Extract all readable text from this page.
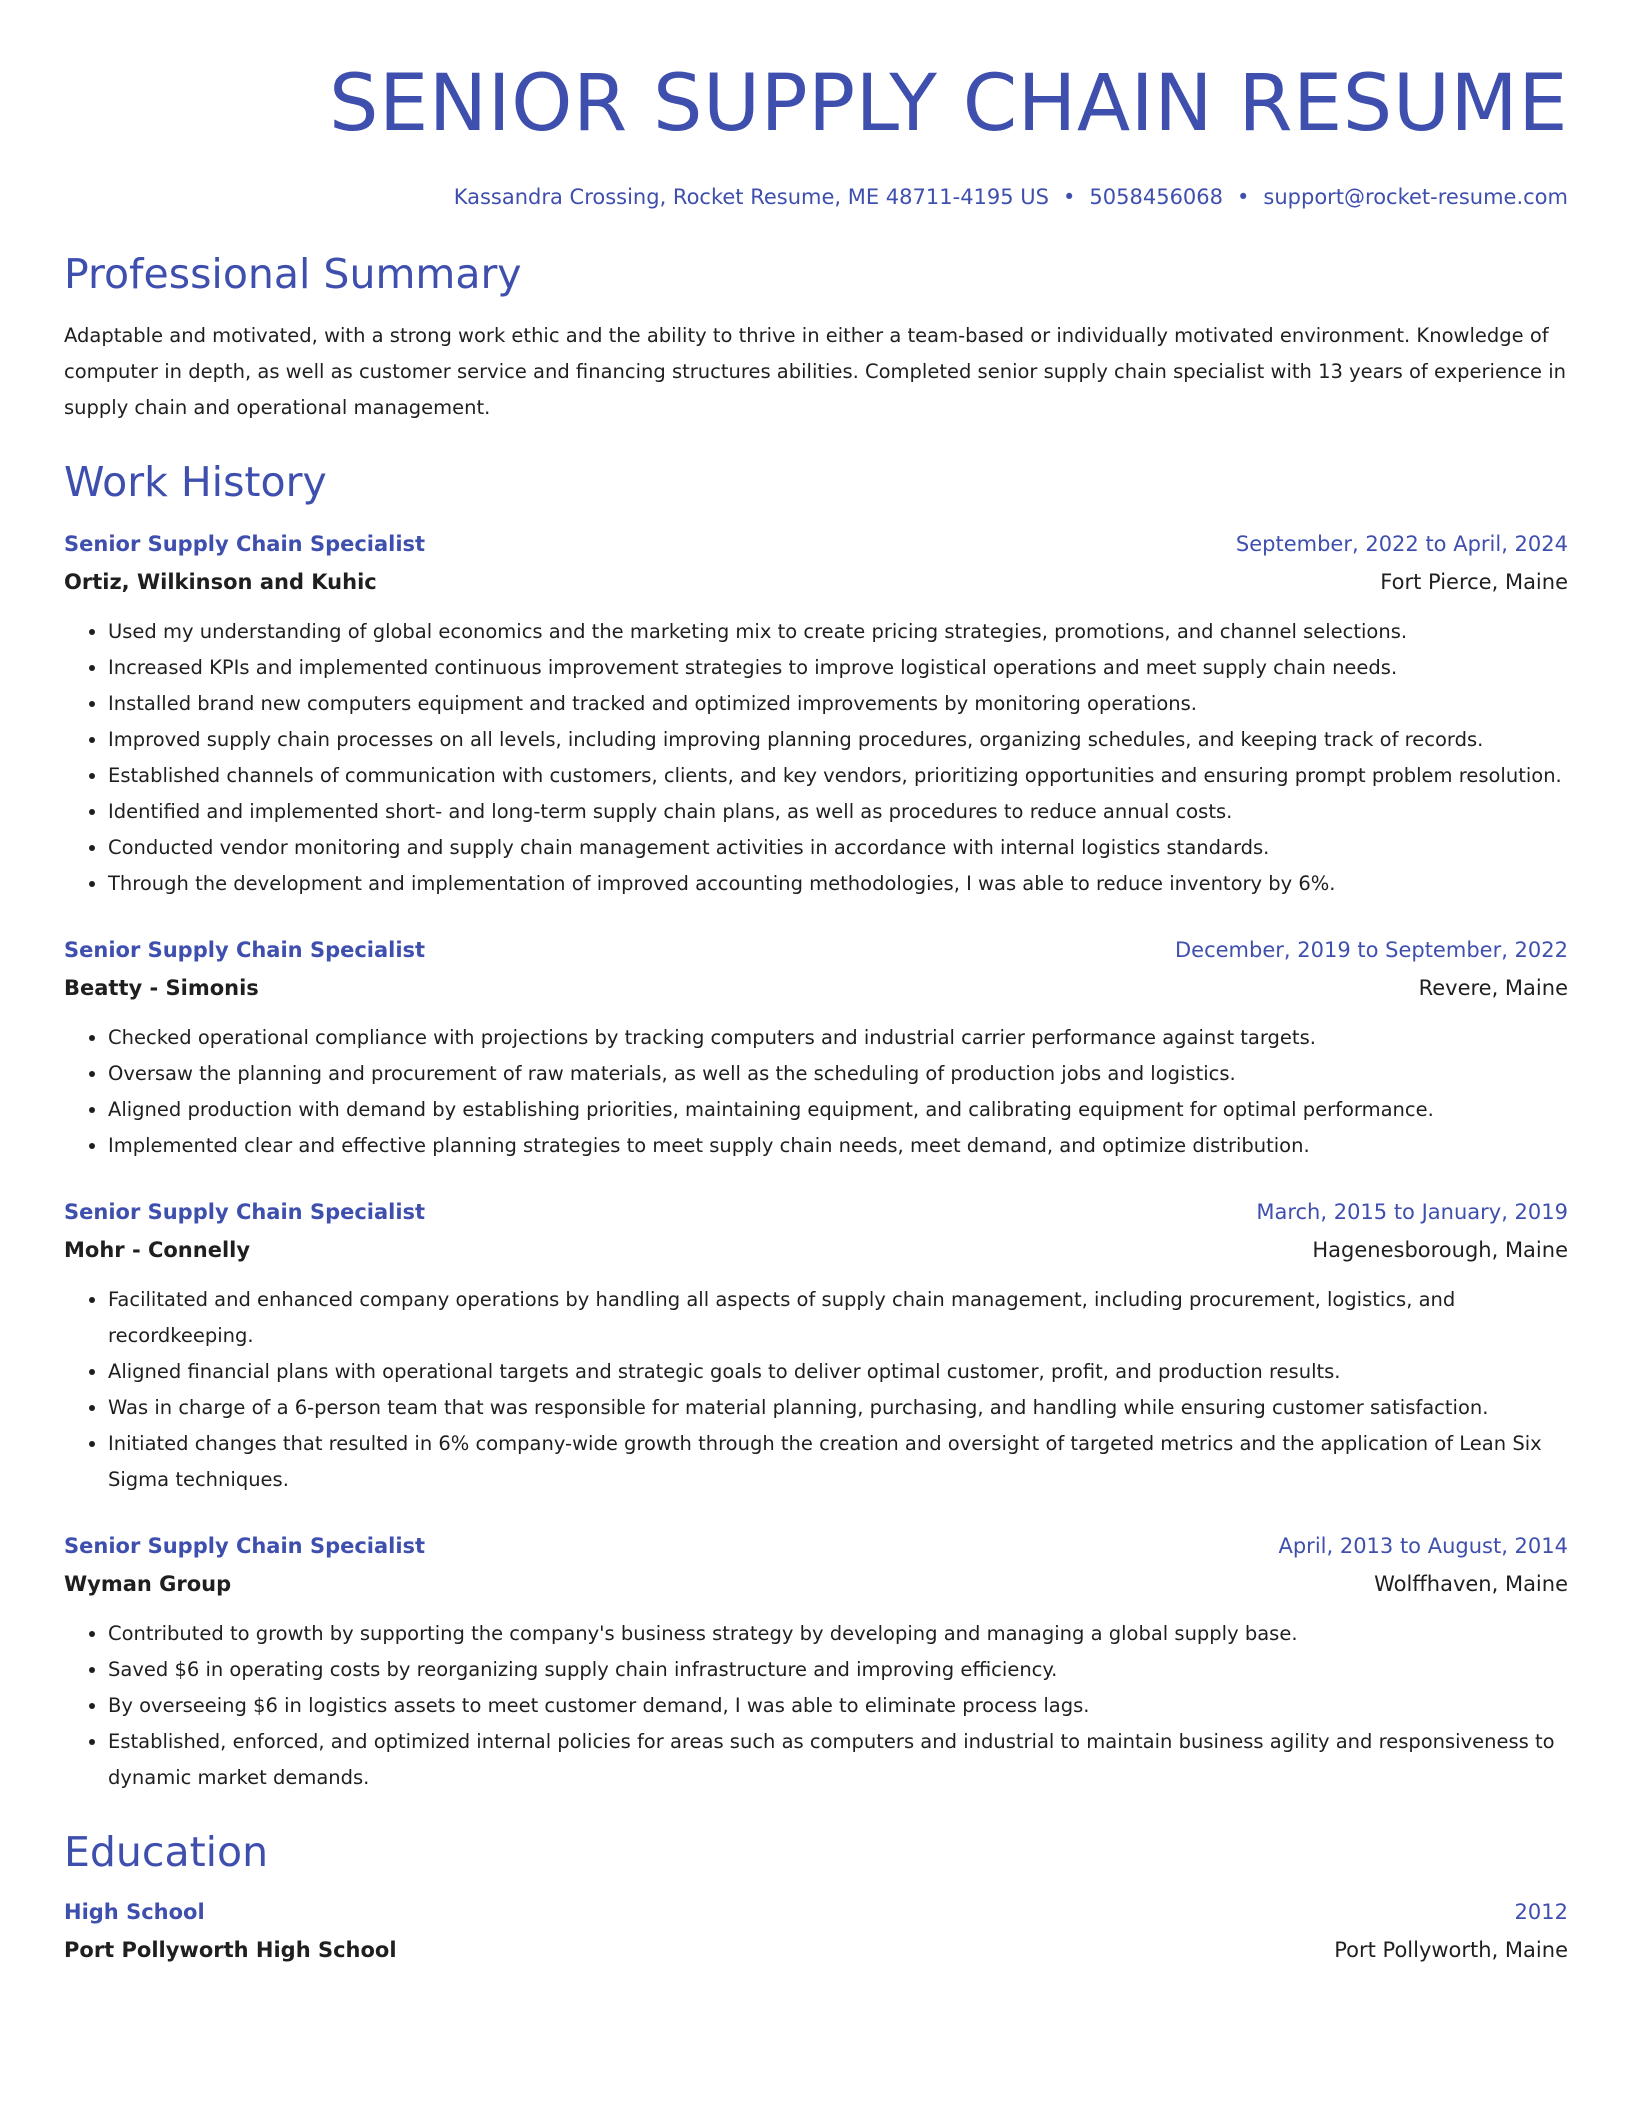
SENIOR SUPPLY CHAIN RESUME
Kassandra Crossing, Rocket Resume, ME 48711-4195 US • 5058456068 • support@rocket-resume.com
Professional Summary
Adaptable and motivated, with a strong work ethic and the ability to thrive in either a team-based or individually motivated environment. Knowledge of computer in depth, as well as customer service and financing structures abilities. Completed senior supply chain specialist with 13 years of experience in supply chain and operational management.
Work History
Senior Supply Chain Specialist	September, 2022 to April, 2024
Ortiz, Wilkinson and Kuhic	Fort Pierce, Maine
• Used my understanding of global economics and the marketing mix to create pricing strategies, promotions, and channel selections.
• Increased KPIs and implemented continuous improvement strategies to improve logistical operations and meet supply chain needs.
• Installed brand new computers equipment and tracked and optimized improvements by monitoring operations.
• Improved supply chain processes on all levels, including improving planning procedures, organizing schedules, and keeping track of records.
• Established channels of communication with customers, clients, and key vendors, prioritizing opportunities and ensuring prompt problem resolution.
• Identified and implemented short- and long-term supply chain plans, as well as procedures to reduce annual costs.
• Conducted vendor monitoring and supply chain management activities in accordance with internal logistics standards.
• Through the development and implementation of improved accounting methodologies, I was able to reduce inventory by 6%.
Senior Supply Chain Specialist	December, 2019 to September, 2022
Beatty - Simonis	Revere, Maine
• Checked operational compliance with projections by tracking computers and industrial carrier performance against targets.
• Oversaw the planning and procurement of raw materials, as well as the scheduling of production jobs and logistics.
• Aligned production with demand by establishing priorities, maintaining equipment, and calibrating equipment for optimal performance.
• Implemented clear and effective planning strategies to meet supply chain needs, meet demand, and optimize distribution.
Senior Supply Chain Specialist	March, 2015 to January, 2019
Mohr - Connelly	Hagenesborough, Maine
• Facilitated and enhanced company operations by handling all aspects of supply chain management, including procurement, logistics, and recordkeeping.
• Aligned financial plans with operational targets and strategic goals to deliver optimal customer, profit, and production results.
• Was in charge of a 6-person team that was responsible for material planning, purchasing, and handling while ensuring customer satisfaction.
• Initiated changes that resulted in 6% company-wide growth through the creation and oversight of targeted metrics and the application of Lean Six Sigma techniques.
Senior Supply Chain Specialist	April, 2013 to August, 2014
Wyman Group	Wolffhaven, Maine
• Contributed to growth by supporting the company's business strategy by developing and managing a global supply base.
• Saved $6 in operating costs by reorganizing supply chain infrastructure and improving efficiency.
• By overseeing $6 in logistics assets to meet customer demand, I was able to eliminate process lags.
• Established, enforced, and optimized internal policies for areas such as computers and industrial to maintain business agility and responsiveness to dynamic market demands.
Education
High School	2012
Port Pollyworth High School	Port Pollyworth, Maine
